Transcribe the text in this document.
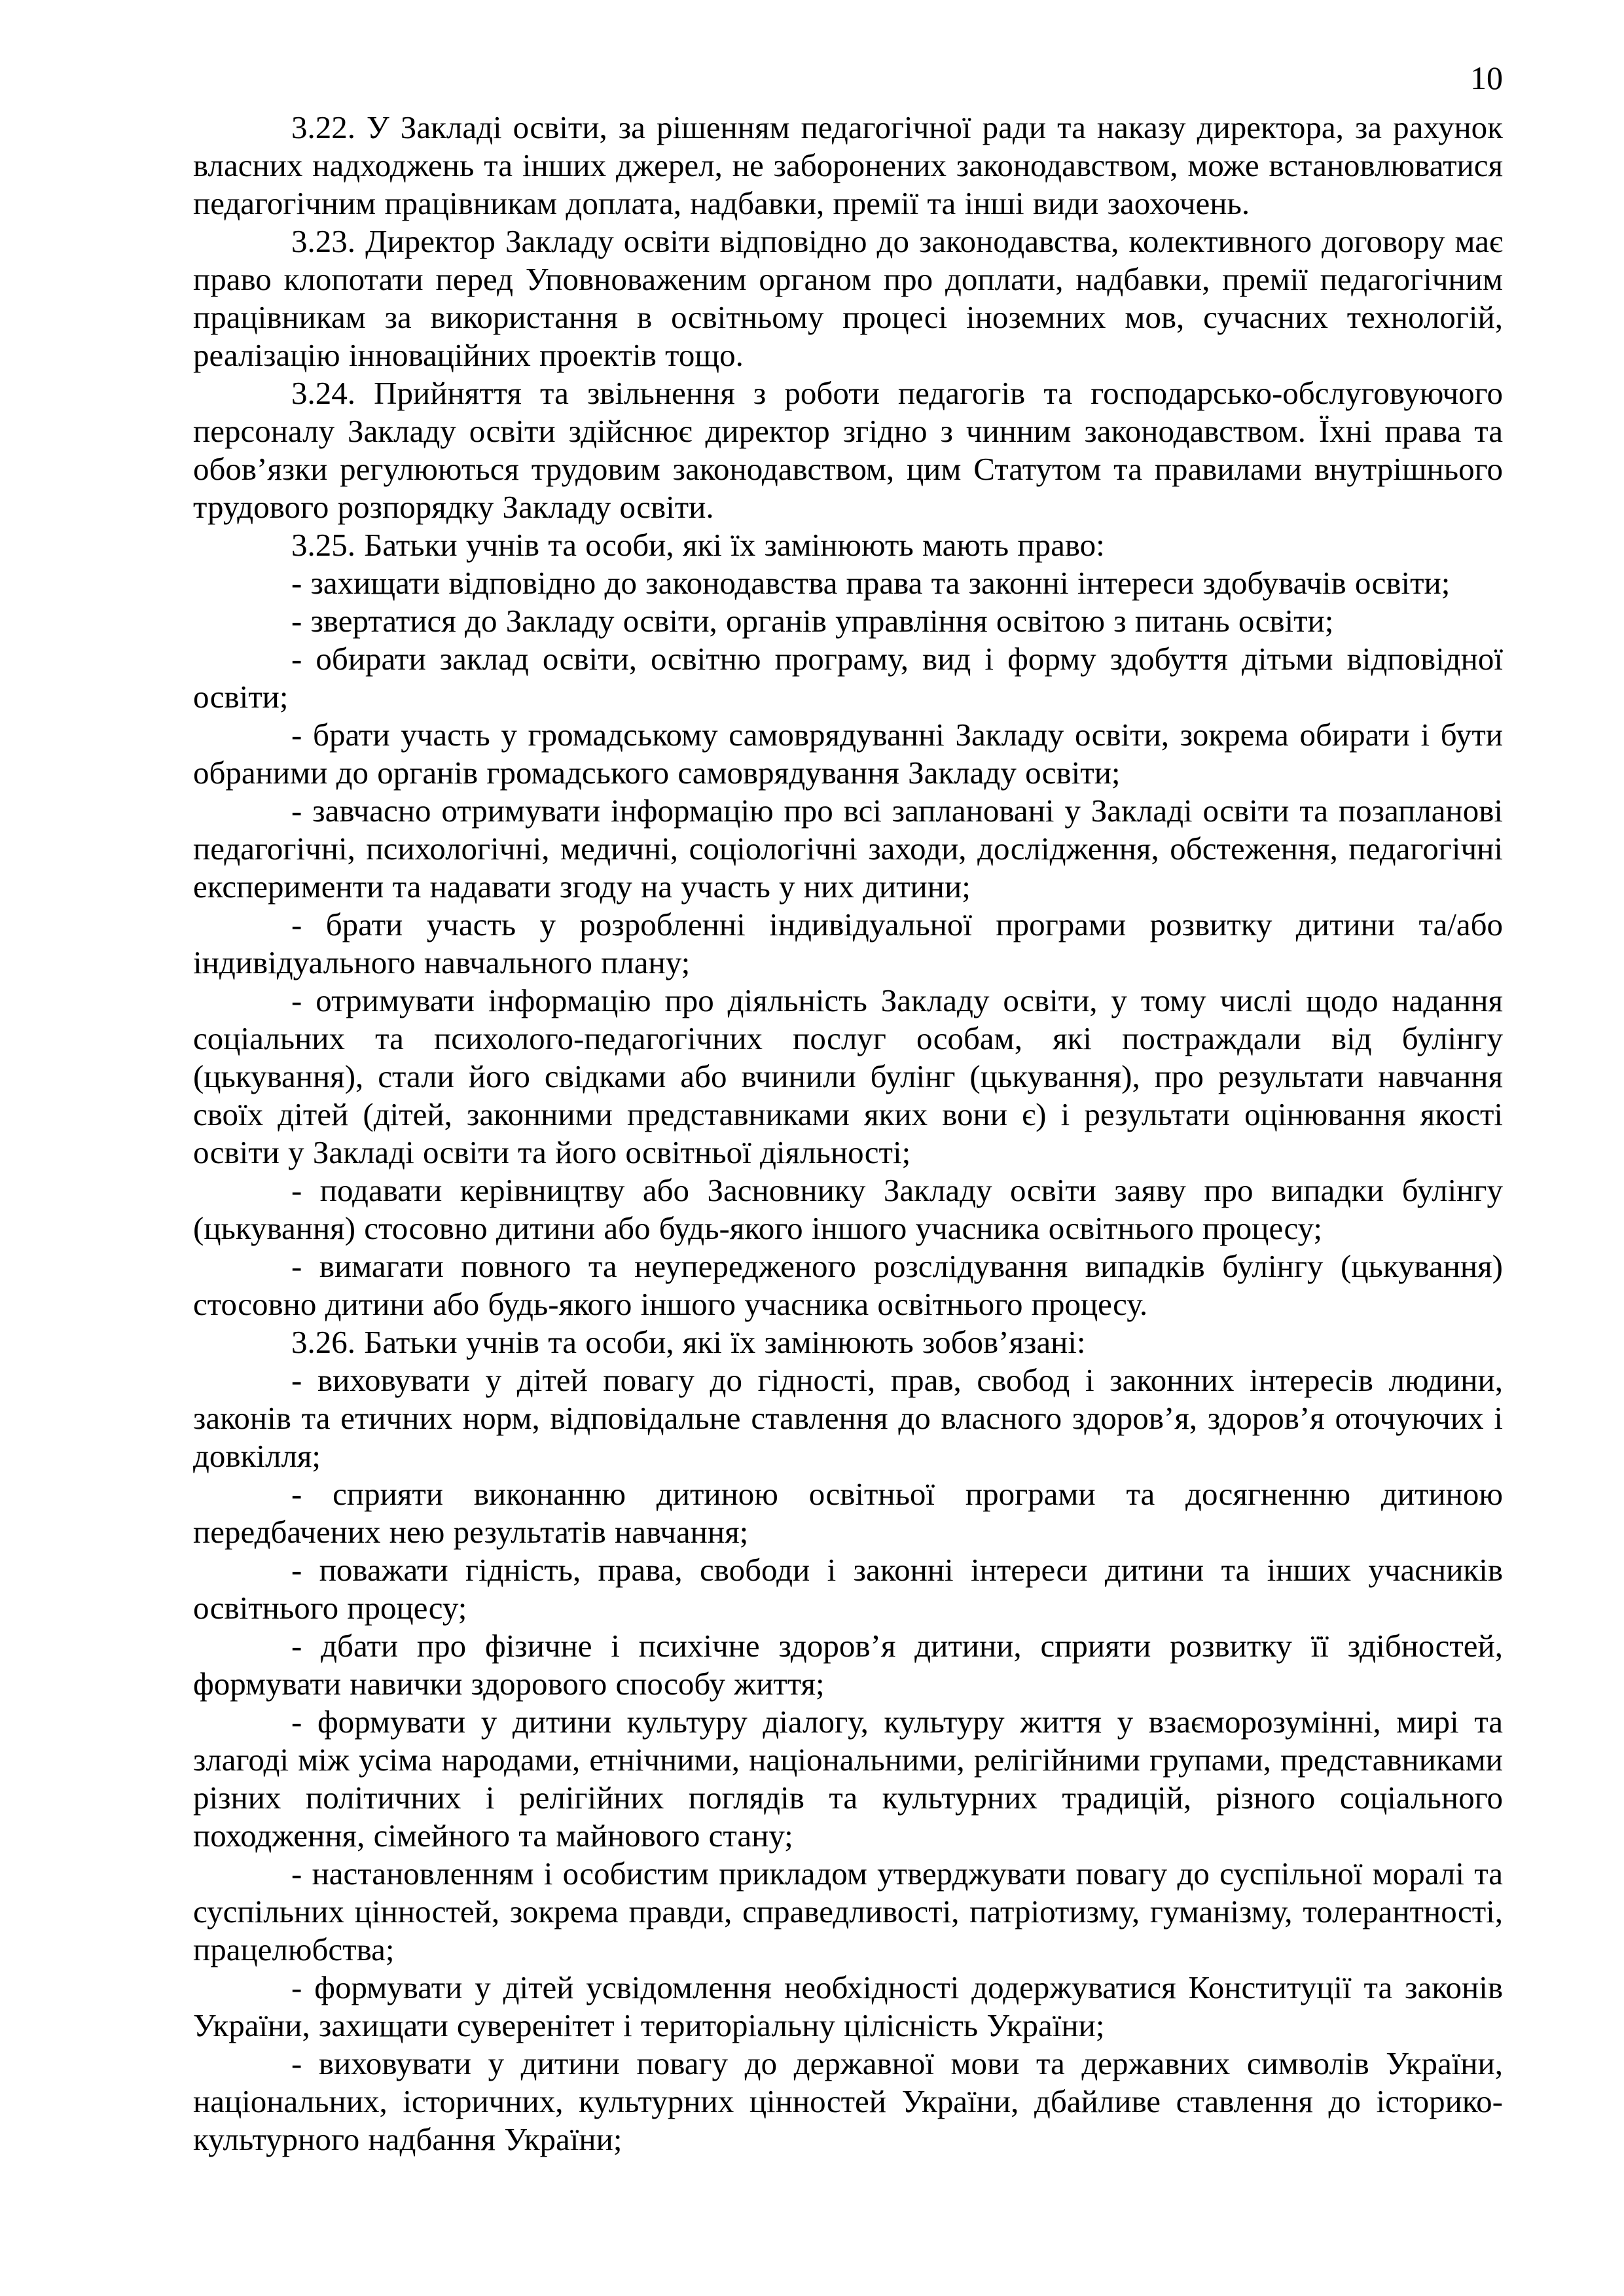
10

3.22. У Закладі освіти, за рішенням педагогічної ради та наказу директора, за рахунок власних надходжень та інших джерел, не заборонених законодавством, може встановлюватися педагогічним працівникам доплата, надбавки, премії та інші види заохочень.

3.23. Директор Закладу освіти відповідно до законодавства, колективного договору має право клопотати перед Уповноваженим органом про доплати, надбавки, премії педагогічним працівникам за використання в освітньому процесі іноземних мов, сучасних технологій, реалізацію інноваційних проектів тощо.

3.24. Прийняття та звільнення з роботи педагогів та господарсько-обслуговуючого персоналу Закладу освіти здійснює директор згідно з чинним законодавством. Їхні права та обов’язки регулюються трудовим законодавством, цим Статутом та правилами внутрішнього трудового розпорядку Закладу освіти.

3.25. Батьки учнів та особи, які їх замінюють мають право:

- захищати відповідно до законодавства права та законні інтереси здобувачів освіти;

- звертатися до Закладу освіти, органів управління освітою з питань освіти;

- обирати заклад освіти, освітню програму, вид і форму здобуття дітьми відповідної освіти;

- брати участь у громадському самоврядуванні Закладу освіти, зокрема обирати і бути обраними до органів громадського самоврядування Закладу освіти;

- завчасно отримувати інформацію про всі заплановані у Закладі освіти та позапланові педагогічні, психологічні, медичні, соціологічні заходи, дослідження, обстеження, педагогічні експерименти та надавати згоду на участь у них дитини;

- брати участь у розробленні індивідуальної програми розвитку дитини та/або індивідуального навчального плану;

- отримувати інформацію про діяльність Закладу освіти, у тому числі щодо надання соціальних та психолого-педагогічних послуг особам, які постраждали від булінгу (цькування), стали його свідками або вчинили булінг (цькування), про результати навчання своїх дітей (дітей, законними представниками яких вони є) і результати оцінювання якості освіти у Закладі освіти та його освітньої діяльності;

- подавати керівництву або Засновнику Закладу освіти заяву про випадки булінгу (цькування) стосовно дитини або будь-якого іншого учасника освітнього процесу;

- вимагати повного та неупередженого розслідування випадків булінгу (цькування) стосовно дитини або будь-якого іншого учасника освітнього процесу.

3.26. Батьки учнів та особи, які їх замінюють зобов’язані:

- виховувати у дітей повагу до гідності, прав, свобод і законних інтересів людини, законів та етичних норм, відповідальне ставлення до власного здоров’я, здоров’я оточуючих і довкілля;

- сприяти виконанню дитиною освітньої програми та досягненню дитиною передбачених нею результатів навчання;

- поважати гідність, права, свободи і законні інтереси дитини та інших учасників освітнього процесу;

- дбати про фізичне і психічне здоров’я дитини, сприяти розвитку її здібностей, формувати навички здорового способу життя;

- формувати у дитини культуру діалогу, культуру життя у взаєморозумінні, мирі та злагоді між усіма народами, етнічними, національними, релігійними групами, представниками різних політичних і релігійних поглядів та культурних традицій, різного соціального походження, сімейного та майнового стану;

- настановленням і особистим прикладом утверджувати повагу до суспільної моралі та суспільних цінностей, зокрема правди, справедливості, патріотизму, гуманізму, толерантності, працелюбства;

- формувати у дітей усвідомлення необхідності додержуватися Конституції та законів України, захищати суверенітет і територіальну цілісність України;

- виховувати у дитини повагу до державної мови та державних символів України, національних, історичних, культурних цінностей України, дбайливе ставлення до історико-культурного надбання України;
